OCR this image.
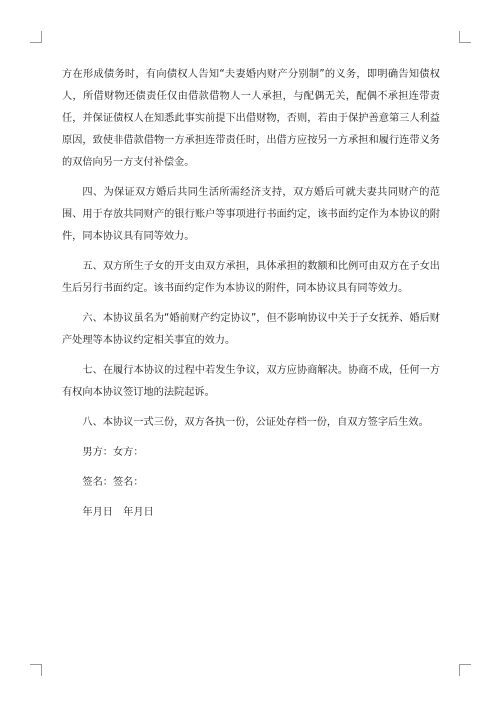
方在形成债务时，有向债权人告知“夫妻婚内财产分别制”的义务，即明确告知债权人，所借财物还债责任仅由借款借物人一人承担，与配偶无关，配偶不承担连带责任，并保证债权人在知悉此事实前提下出借财物，否则，若由于保护善意第三人利益原因，致使非借款借物一方承担连带责任时，出借方应按另一方承担和履行连带义务的双倍向另一方支付补偿金。

四、为保证双方婚后共同生活所需经济支持，双方婚后可就夫妻共同财产的范围、用于存放共同财产的银行账户等事项进行书面约定，该书面约定作为本协议的附件，同本协议具有同等效力。

五、双方所生子女的开支由双方承担，具体承担的数额和比例可由双方在子女出生后另行书面约定。该书面约定作为本协议的附件，同本协议具有同等效力。

六、本协议虽名为“婚前财产约定协议”，但不影响协议中关于子女抚养、婚后财产处理等本协议约定相关事宜的效力。

七、在履行本协议的过程中若发生争议，双方应协商解决。协商不成，任何一方有权向本协议签订地的法院起诉。

八、本协议一式三份，双方各执一份，公证处存档一份，自双方签字后生效。

男方：女方：

签名：签名：

年月日　年月日
